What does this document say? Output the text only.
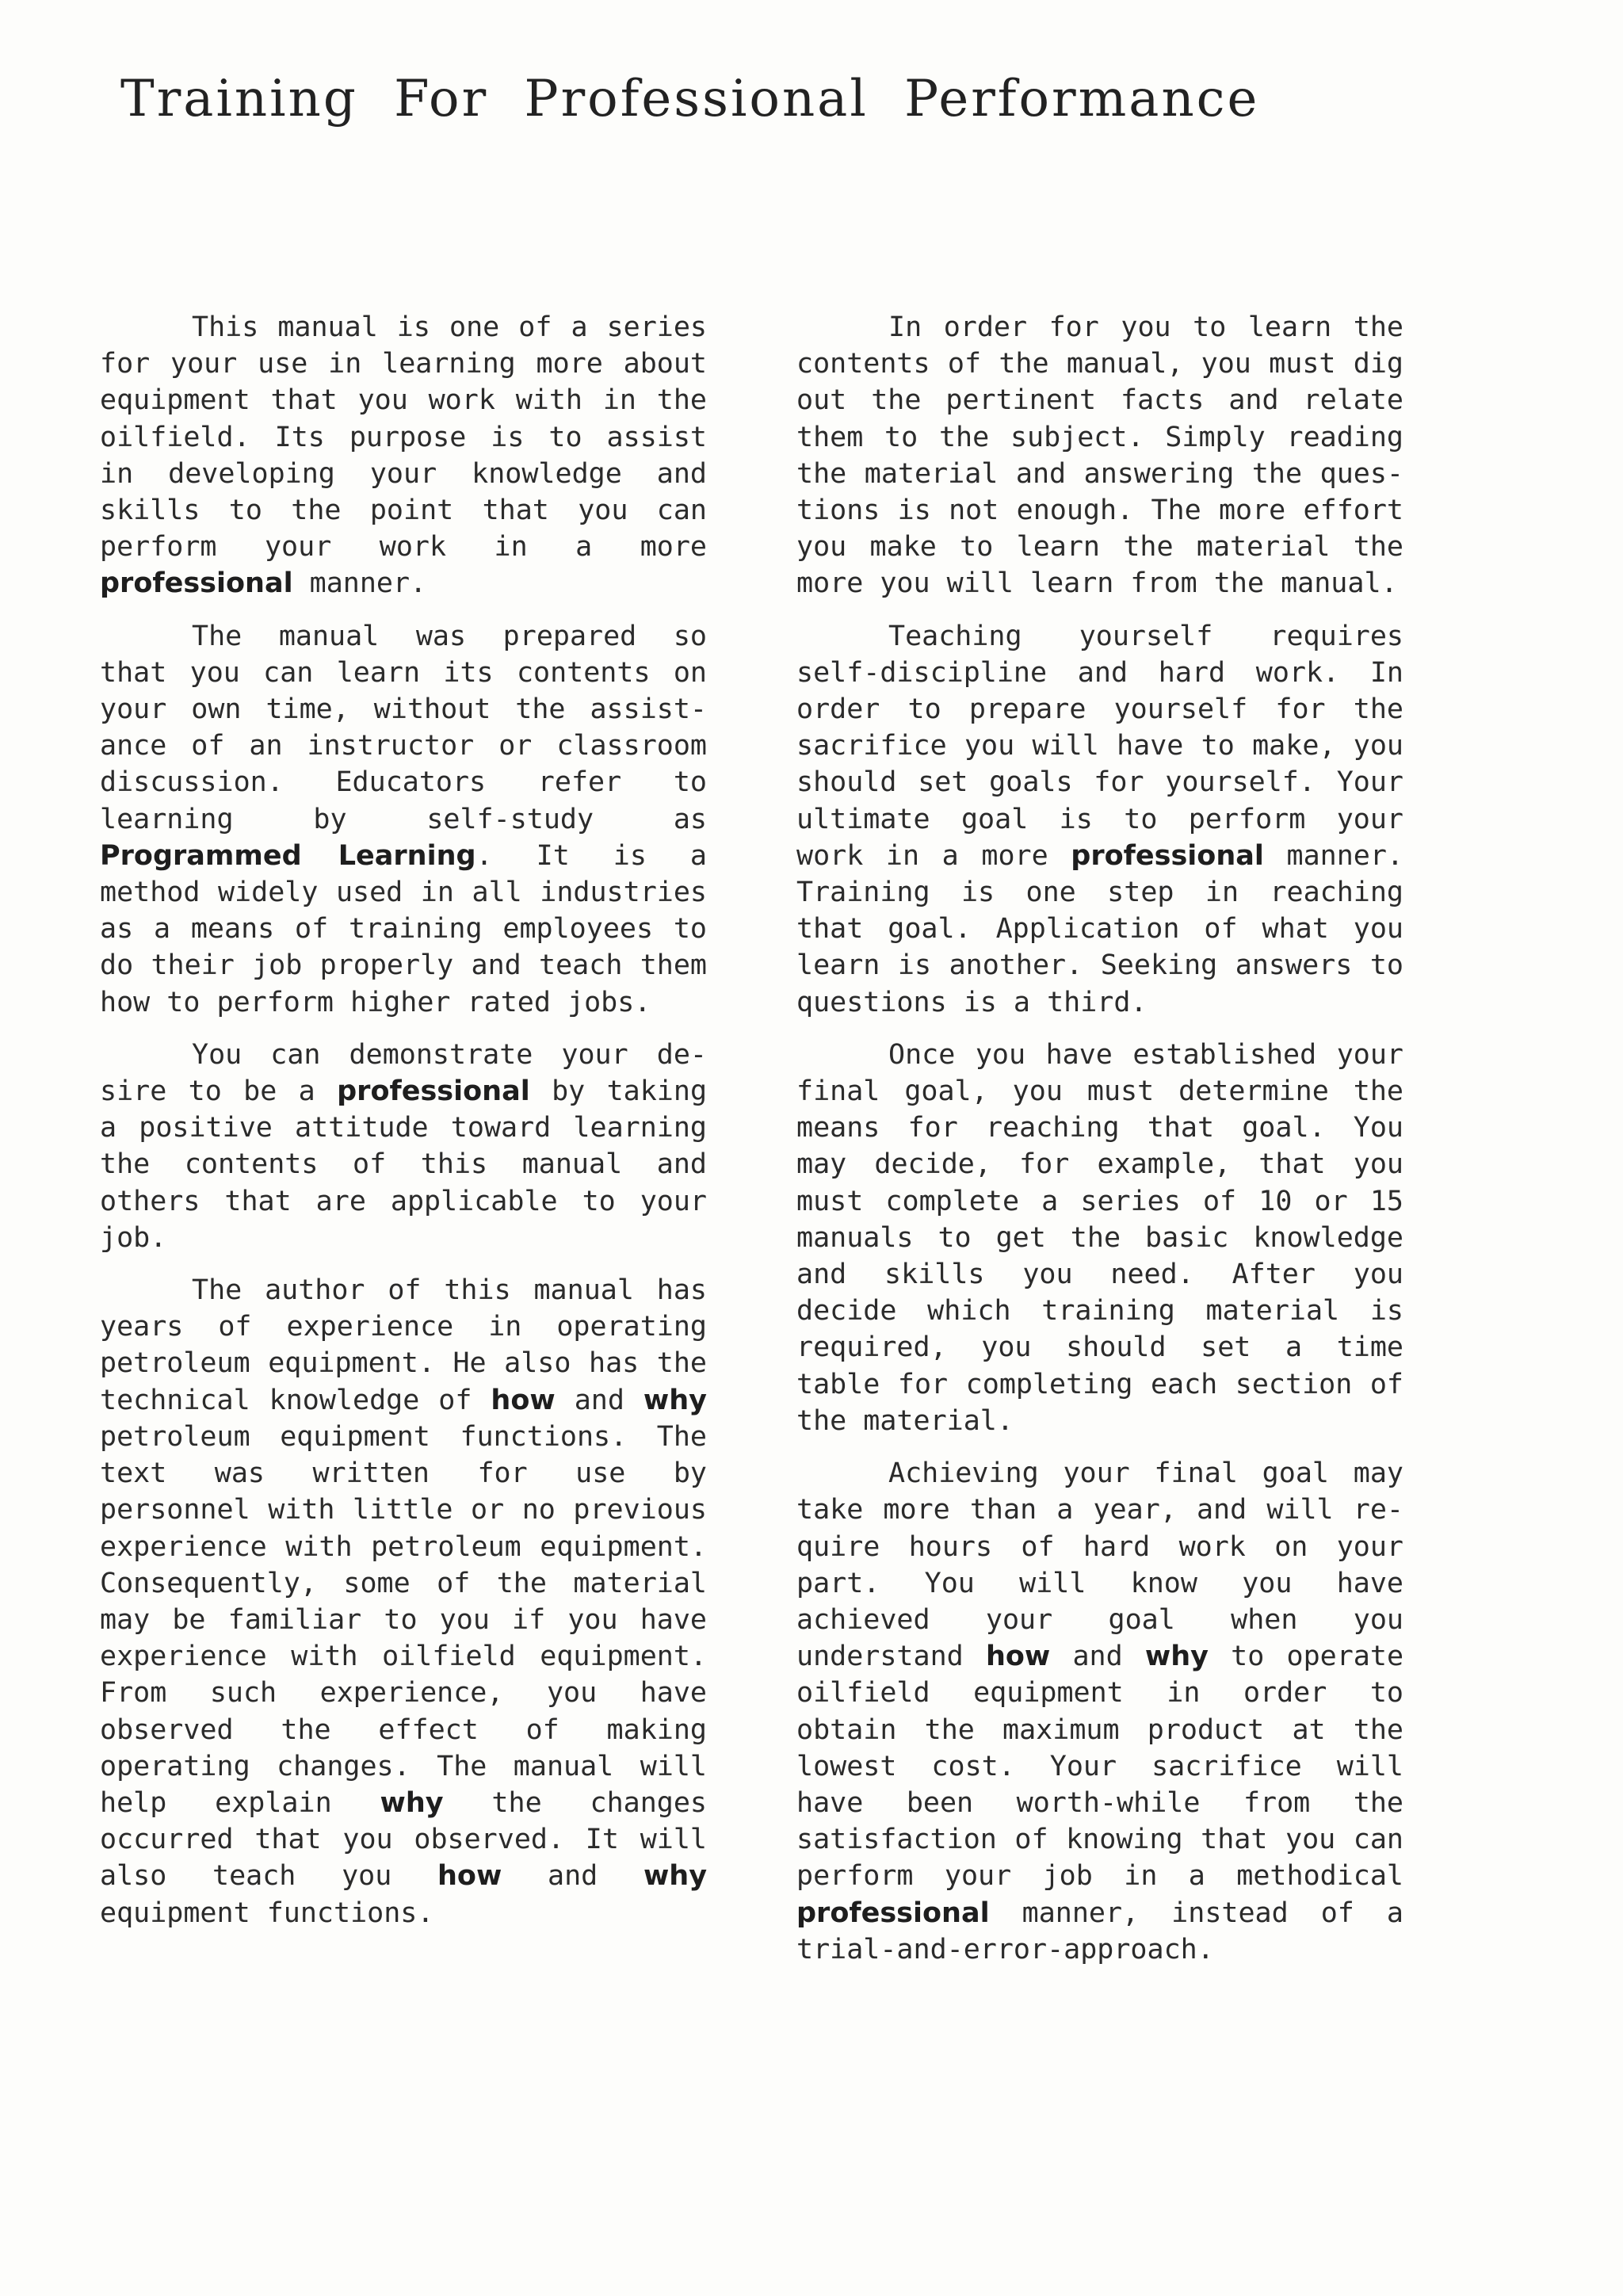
Training For Professional Performance

This manual is one of a series for your use in learning more about equipment that you work with in the oilfield. Its purpose is to assist in developing your knowledge and skills to the point that you can perform your work in a more professional manner.

The manual was prepared so that you can learn its contents on your own time, without the assistance of an instructor or classroom discussion. Educators refer to learning by self-study as Programmed Learning. It is a method widely used in all industries as a means of training employees to do their job properly and teach them how to perform higher rated jobs.

You can demonstrate your desire to be a professional by taking a positive attitude toward learning the contents of this manual and others that are applicable to your job.

The author of this manual has years of experience in operating petroleum equipment. He also has the technical knowledge of how and why petroleum equipment functions. The text was written for use by personnel with little or no previous experience with petroleum equipment. Consequently, some of the material may be familiar to you if you have experience with oilfield equipment. From such experience, you have observed the effect of making operating changes. The manual will help explain why the changes occurred that you observed. It will also teach you how and why equipment functions.

In order for you to learn the contents of the manual, you must dig out the pertinent facts and relate them to the subject. Simply reading the material and answering the questions is not enough. The more effort you make to learn the material the more you will learn from the manual.

Teaching yourself requires self-discipline and hard work. In order to prepare yourself for the sacrifice you will have to make, you should set goals for yourself. Your ultimate goal is to perform your work in a more professional manner. Training is one step in reaching that goal. Application of what you learn is another. Seeking answers to questions is a third.

Once you have established your final goal, you must determine the means for reaching that goal. You may decide, for example, that you must complete a series of 10 or 15 manuals to get the basic knowledge and skills you need. After you decide which training material is required, you should set a time table for completing each section of the material.

Achieving your final goal may take more than a year, and will require hours of hard work on your part. You will know you have achieved your goal when you understand how and why to operate oilfield equipment in order to obtain the maximum product at the lowest cost. Your sacrifice will have been worth-while from the satisfaction of knowing that you can perform your job in a methodical professional manner, instead of a trial-and-error-approach.
